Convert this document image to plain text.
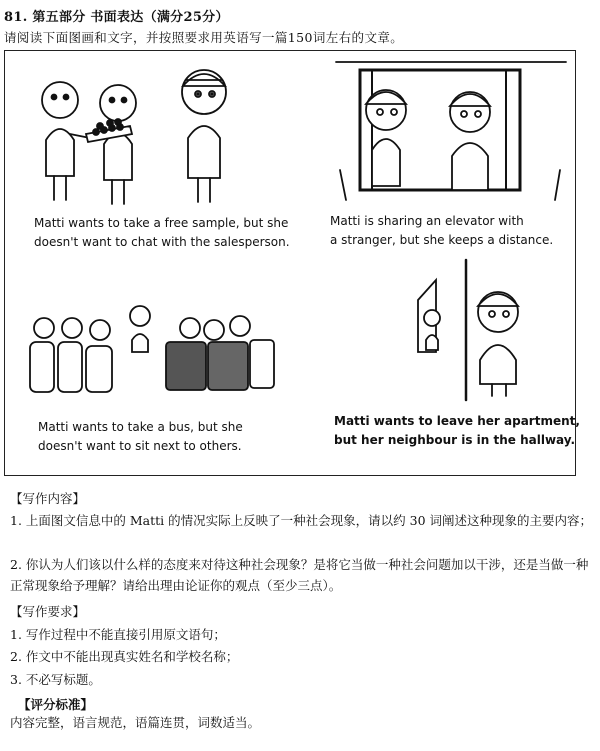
81. 第五部分 书面表达（满分25分）
请阅读下面图画和文字，并按照要求用英语写一篇150词左右的文章。
Matti wants to take a free sample, but she
doesn't want to chat with the salesperson.
Matti is sharing an elevator with
a stranger, but she keeps a distance.
Matti wants to take a bus, but she
doesn't want to sit next to others.
Matti wants to leave her apartment,
but her neighbour is in the hallway.
【写作内容】
1. 上面图文信息中的 Matti 的情况实际上反映了一种社会现象，请以约 30 词阐述这种现象的主要内容；
2. 你认为人们该以什么样的态度来对待这种社会现象？是将它当做一种社会问题加以干涉，还是当做一种正常现象给予理解？请给出理由论证你的观点（至少三点）。
【写作要求】
1. 写作过程中不能直接引用原文语句；
2. 作文中不能出现真实姓名和学校名称；
3. 不必写标题。
【评分标准】
内容完整，语言规范，语篇连贯，词数适当。
